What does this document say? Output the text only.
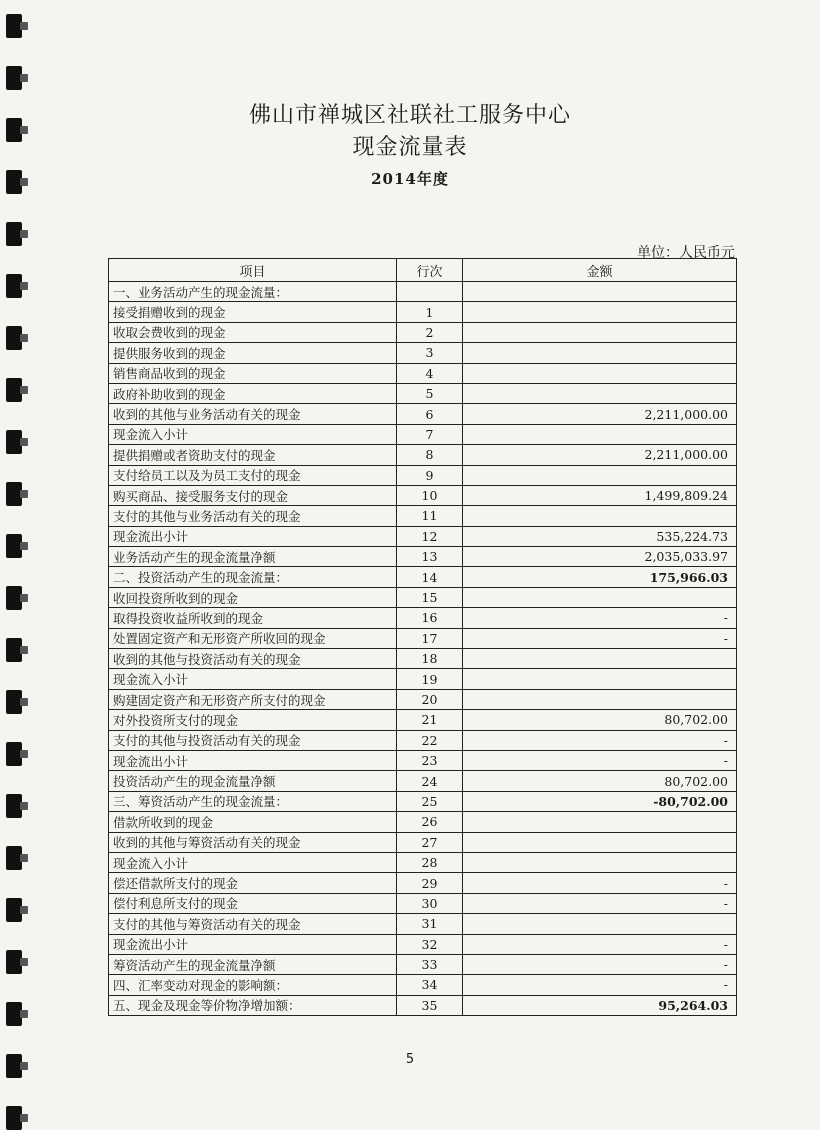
佛山市禅城区社联社工服务中心
现金流量表
2014年度
单位：人民币元
项目	行次	金额
一、业务活动产生的现金流量：		
接受捐赠收到的现金	1	
收取会费收到的现金	2	
提供服务收到的现金	3	
销售商品收到的现金	4	
政府补助收到的现金	5	
收到的其他与业务活动有关的现金	6	2,211,000.00
现金流入小计	7	
提供捐赠或者资助支付的现金	8	2,211,000.00
支付给员工以及为员工支付的现金	9	
购买商品、接受服务支付的现金	10	1,499,809.24
支付的其他与业务活动有关的现金	11	
现金流出小计	12	535,224.73
业务活动产生的现金流量净额	13	2,035,033.97
二、投资活动产生的现金流量：	14	175,966.03
收回投资所收到的现金	15	
取得投资收益所收到的现金	16	-
处置固定资产和无形资产所收回的现金	17	-
收到的其他与投资活动有关的现金	18	
现金流入小计	19	
购建固定资产和无形资产所支付的现金	20	
对外投资所支付的现金	21	80,702.00
支付的其他与投资活动有关的现金	22	-
现金流出小计	23	-
投资活动产生的现金流量净额	24	80,702.00
三、筹资活动产生的现金流量：	25	-80,702.00
借款所收到的现金	26	
收到的其他与筹资活动有关的现金	27	
现金流入小计	28	
偿还借款所支付的现金	29	-
偿付利息所支付的现金	30	-
支付的其他与筹资活动有关的现金	31	
现金流出小计	32	-
筹资活动产生的现金流量净额	33	-
四、汇率变动对现金的影响额：	34	-
五、现金及现金等价物净增加额：	35	95,264.03
5
